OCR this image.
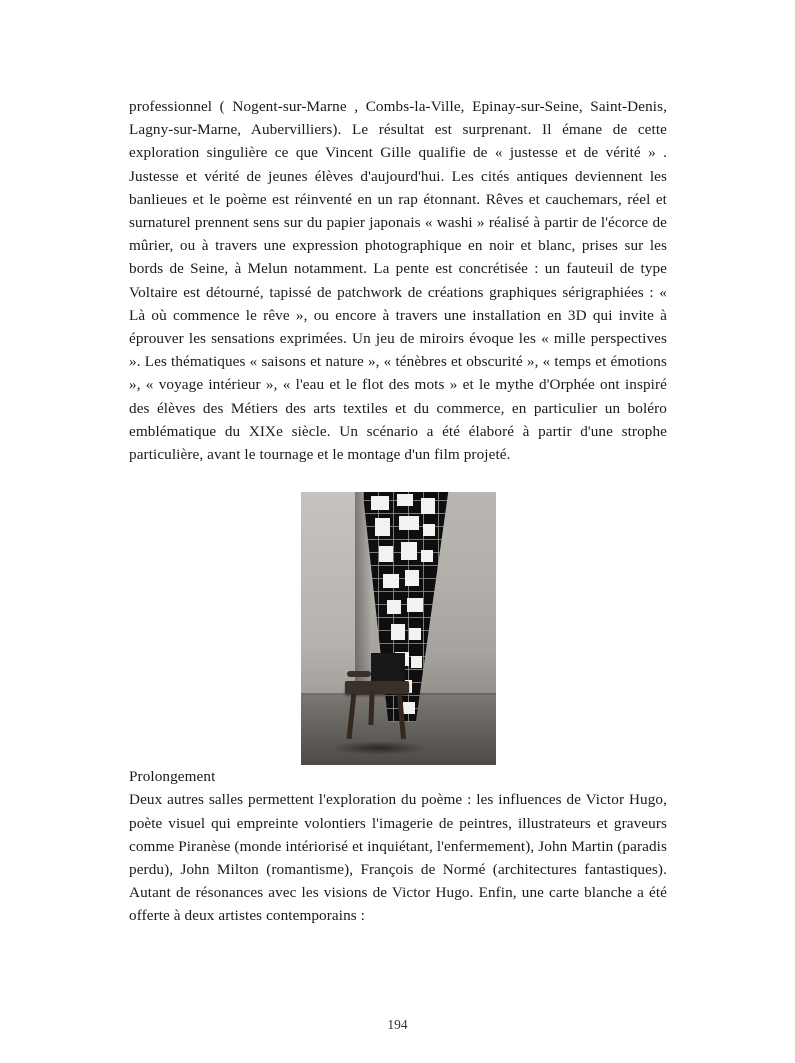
professionnel ( Nogent-sur-Marne , Combs-la-Ville, Epinay-sur-Seine, Saint-Denis, Lagny-sur-Marne, Aubervilliers). Le résultat est surprenant. Il émane de cette exploration singulière ce que Vincent Gille qualifie de « justesse et de vérité » . Justesse et vérité de jeunes élèves d'aujourd'hui. Les cités antiques deviennent les banlieues et le poème est réinventé en un rap étonnant. Rêves et cauchemars, réel et surnaturel prennent sens sur du papier japonais « washi » réalisé à partir de l'écorce de mûrier, ou à travers une expression photographique en noir et blanc, prises sur les bords de Seine, à Melun notamment. La pente est concrétisée : un fauteuil de type Voltaire est détourné, tapissé de patchwork de créations graphiques sérigraphiées : « Là où commence le rêve », ou encore à travers une installation en 3D qui invite à éprouver les sensations exprimées. Un jeu de miroirs évoque les « mille perspectives ». Les thématiques « saisons et nature », « ténèbres et obscurité », « temps et émotions », « voyage intérieur », « l'eau et le flot des mots » et le mythe d'Orphée ont inspiré des élèves des Métiers des arts textiles et du commerce, en particulier un boléro emblématique du XIXe siècle. Un scénario a été élaboré à partir d'une strophe particulière, avant le tournage et le montage d'un film projeté.

Prolongement

Deux autres salles permettent l'exploration du poème : les influences de Victor Hugo, poète visuel qui empreinte volontiers l'imagerie de peintres, illustrateurs et graveurs comme Piranèse (monde intériorisé et inquiétant, l'enfermement), John Martin (paradis perdu), John Milton (romantisme), François de Normé (architectures fantastiques). Autant de résonances avec les visions de Victor Hugo. Enfin, une carte blanche a été offerte à deux artistes contemporains :

194
